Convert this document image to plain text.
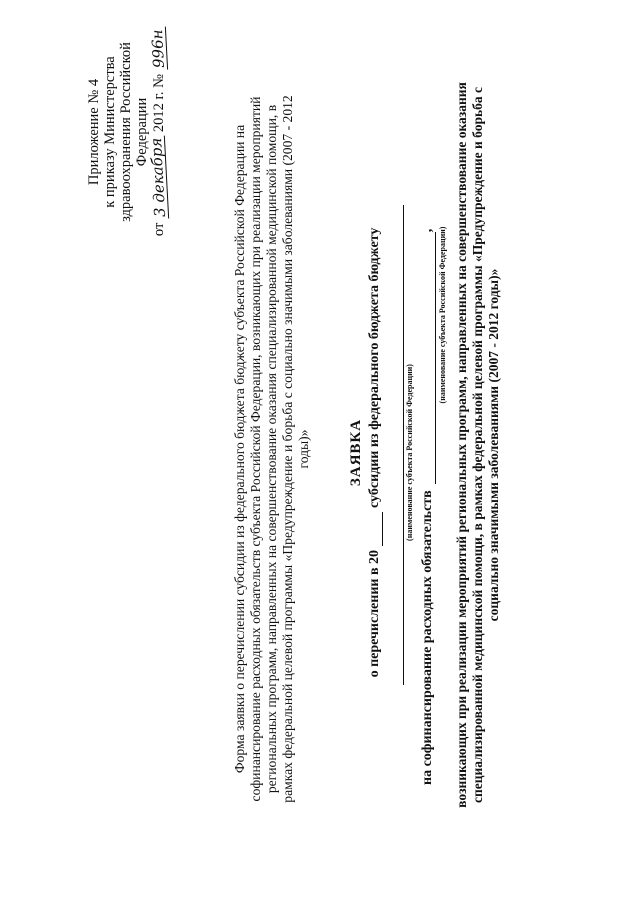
Приложение № 4 к приказу Министерства здравоохранения Российской Федерации
от 3 декабря 2012 г. № 996н
Форма заявки о перечислении субсидии из федерального бюджета бюджету субъекта Российской Федерации на софинансирование расходных обязательств субъекта Российской Федерации, возникающих при реализации мероприятий региональных программ, направленных на совершенствование оказания специализированной медицинской помощи, в рамках федеральной целевой программы «Предупреждение и борьба с социально значимыми заболеваниями (2007 - 2012 годы)» ЗАЯВКА
о перечислении в 20субсидии из федерального бюджета бюджету	(наименование субъекта Российской Федерации)
на софинансирование расходных обязательств, (наименование субъекта Российской Федерации) возникающих при реализации мероприятий региональных программ, направленных на совершенствование оказания специализированной медицинской помощи, в рамках федеральной целевой программы «Предупреждение и борьба с социально значимыми заболеваниями (2007 - 2012 годы)»
